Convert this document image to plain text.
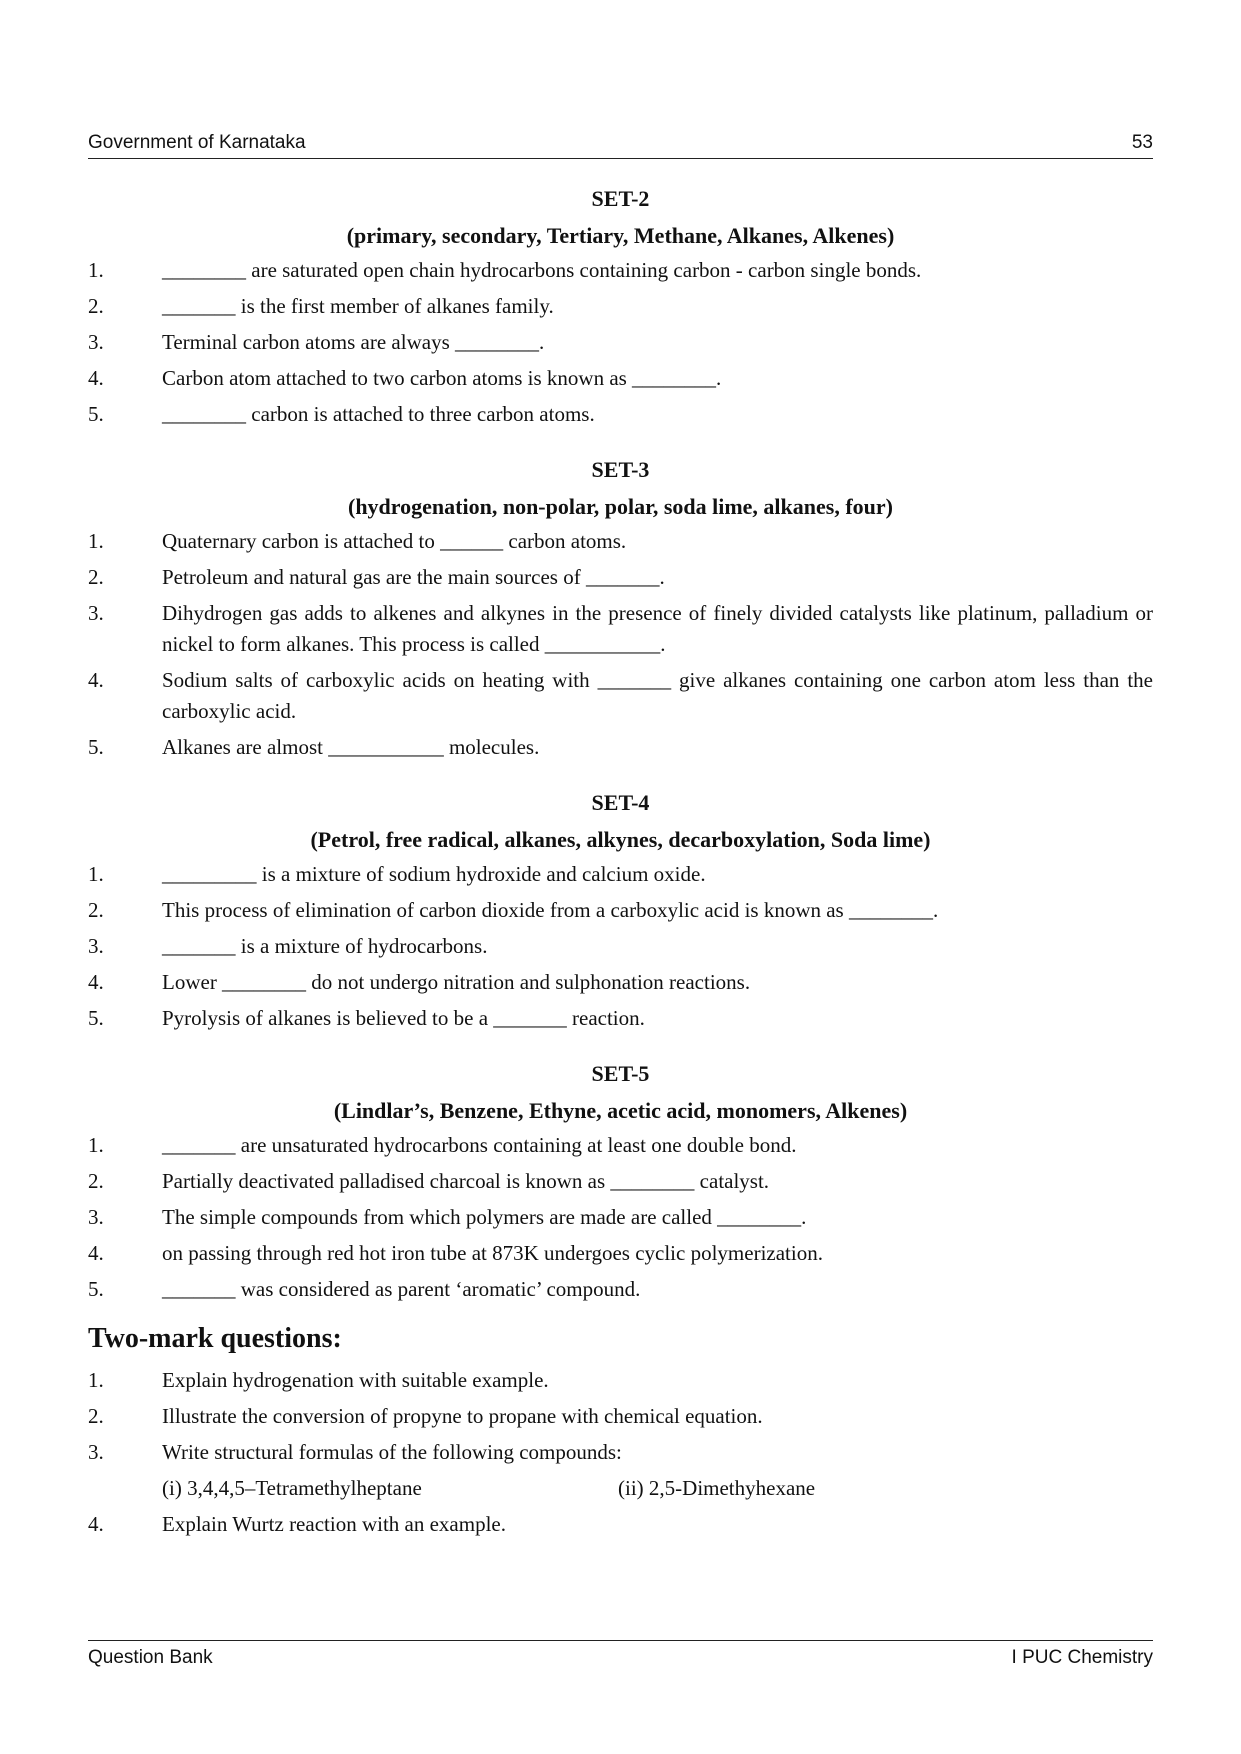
Government of Karnataka	53

SET-2

(primary, secondary, Tertiary, Methane, Alkanes, Alkenes)

1.	________ are saturated open chain hydrocarbons containing carbon - carbon single bonds.
2.	_______ is the first member of alkanes family.
3.	Terminal carbon atoms are always ________.
4.	Carbon atom attached to two carbon atoms is known as ________.
5.	________ carbon is attached to three carbon atoms.

SET-3

(hydrogenation, non-polar, polar, soda lime, alkanes, four)

1.	Quaternary carbon is attached to ______ carbon atoms.
2.	Petroleum and natural gas are the main sources of _______.
3.	Dihydrogen gas adds to alkenes and alkynes in the presence of finely divided catalysts like platinum, palladium or nickel to form alkanes. This process is called ___________.
4.	Sodium salts of carboxylic acids on heating with _______ give alkanes containing one carbon atom less than the carboxylic acid.
5.	Alkanes are almost ___________ molecules.

SET-4

(Petrol, free radical, alkanes, alkynes, decarboxylation, Soda lime)

1.	_________ is a mixture of sodium hydroxide and calcium oxide.
2.	This process of elimination of carbon dioxide from a carboxylic acid is known as ________.
3.	_______ is a mixture of hydrocarbons.
4.	Lower ________ do not undergo nitration and sulphonation reactions.
5.	Pyrolysis of alkanes is believed to be a _______ reaction.

SET-5

(Lindlar’s, Benzene, Ethyne, acetic acid, monomers, Alkenes)

1.	_______ are unsaturated hydrocarbons containing at least one double bond.
2.	Partially deactivated palladised charcoal is known as ________ catalyst.
3.	The simple compounds from which polymers are made are called ________.
4.	on passing through red hot iron tube at 873K undergoes cyclic polymerization.
5.	_______ was considered as parent ‘aromatic’ compound.
Two-mark questions:
1.	Explain hydrogenation with suitable example.
2.	Illustrate the conversion of propyne to propane with chemical equation.
3.	Write structural formulas of the following compounds:
(i) 3,4,4,5–Tetramethylheptane	(ii) 2,5-Dimethyhexane
4.	Explain Wurtz reaction with an example.
Question Bank	I PUC Chemistry
